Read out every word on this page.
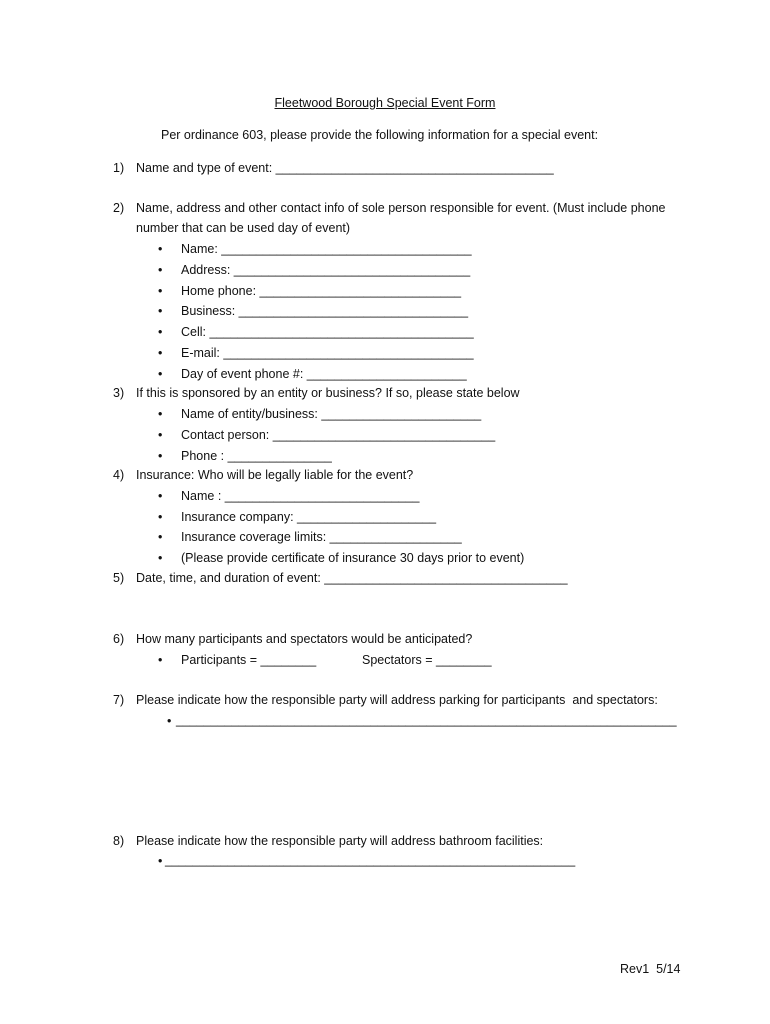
Fleetwood Borough Special Event Form
Per ordinance 603, please provide the following information for a special event:
1) Name and type of event: ________________________________________
2) Name, address and other contact info of sole person responsible for event. (Must include phone
number that can be used day of event)
• Name: ____________________________________
• Address: __________________________________
• Home phone: _____________________________
• Business: _________________________________
• Cell: ______________________________________
• E-mail: ____________________________________
• Day of event phone #: _______________________
3) If this is sponsored by an entity or business? If so, please state below
• Name of entity/business: _______________________
• Contact person: ________________________________
• Phone : _______________
4) Insurance: Who will be legally liable for the event?
• Name : ____________________________
• Insurance company: ____________________
• Insurance coverage limits: ___________________
• (Please provide certificate of insurance 30 days prior to event)
5) Date, time, and duration of event: ___________________________________
6) How many participants and spectators would be anticipated?
• Participants = ________	Spectators = ________
7) Please indicate how the responsible party will address parking for participants  and spectators:
• ________________________________________________________________________
8) Please indicate how the responsible party will address bathroom facilities:
• ___________________________________________________________
Rev1  5/14
